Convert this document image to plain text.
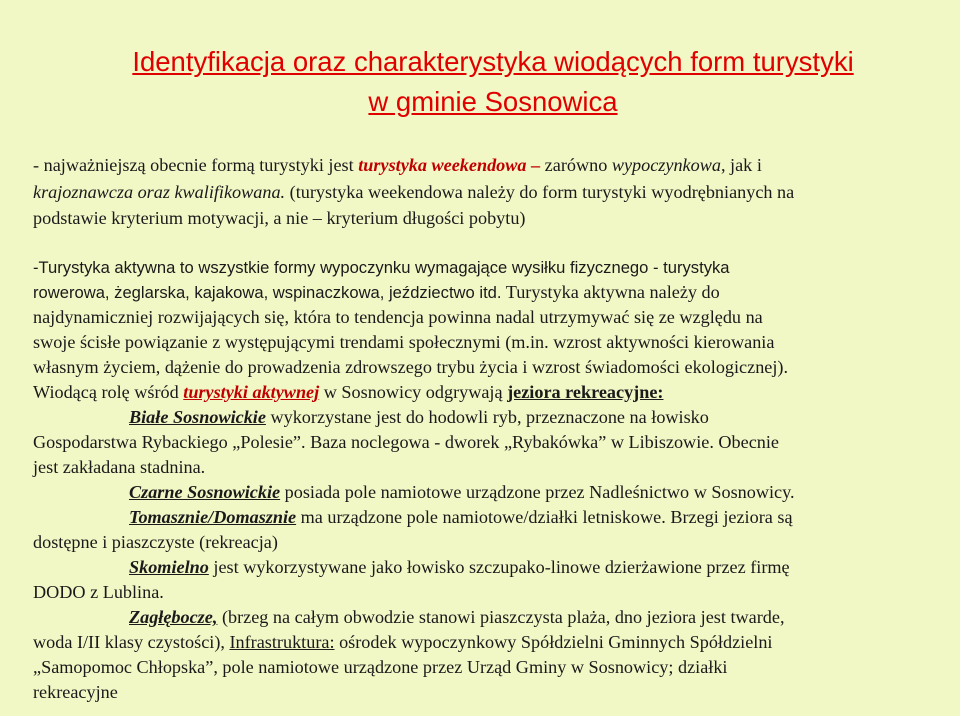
Identyfikacja oraz charakterystyka wiodących form turystyki
w gminie Sosnowica
- najważniejszą obecnie formą turystyki jest turystyka weekendowa – zarówno wypoczynkowa, jak i
krajoznawcza oraz kwalifikowana. (turystyka weekendowa należy do form turystyki wyodrębnianych na
podstawie kryterium motywacji, a nie – kryterium długości pobytu)
-Turystyka aktywna to wszystkie formy wypoczynku wymagające wysiłku fizycznego - turystyka
rowerowa, żeglarska, kajakowa, wspinaczkowa, jeździectwo itd. Turystyka aktywna należy do
najdynamiczniej rozwijających się, która to tendencja powinna nadal utrzymywać się ze względu na
swoje ścisłe powiązanie z występującymi trendami społecznymi (m.in. wzrost aktywności kierowania
własnym życiem, dążenie do prowadzenia zdrowszego trybu życia i wzrost świadomości ekologicznej).
Wiodącą rolę wśród turystyki aktywnej w Sosnowicy odgrywają jeziora rekreacyjne:
Białe Sosnowickie wykorzystane jest do hodowli ryb, przeznaczone na łowisko
Gospodarstwa Rybackiego „Polesie”. Baza noclegowa - dworek „Rybakówka” w Libiszowie. Obecnie
jest zakładana stadnina.
Czarne Sosnowickie posiada pole namiotowe urządzone przez Nadleśnictwo w Sosnowicy.
Tomasznie/Domasznie ma urządzone pole namiotowe/działki letniskowe. Brzegi jeziora są
dostępne i piaszczyste (rekreacja)
Skomielno jest wykorzystywane jako łowisko szczupako-linowe dzierżawione przez firmę
DODO z Lublina.
Zagłębocze, (brzeg na całym obwodzie stanowi piaszczysta plaża, dno jeziora jest twarde,
woda I/II klasy czystości), Infrastruktura: ośrodek wypoczynkowy Spółdzielni Gminnych Spółdzielni
„Samopomoc Chłopska”, pole namiotowe urządzone przez Urząd Gminy w Sosnowicy; działki
rekreacyjne
